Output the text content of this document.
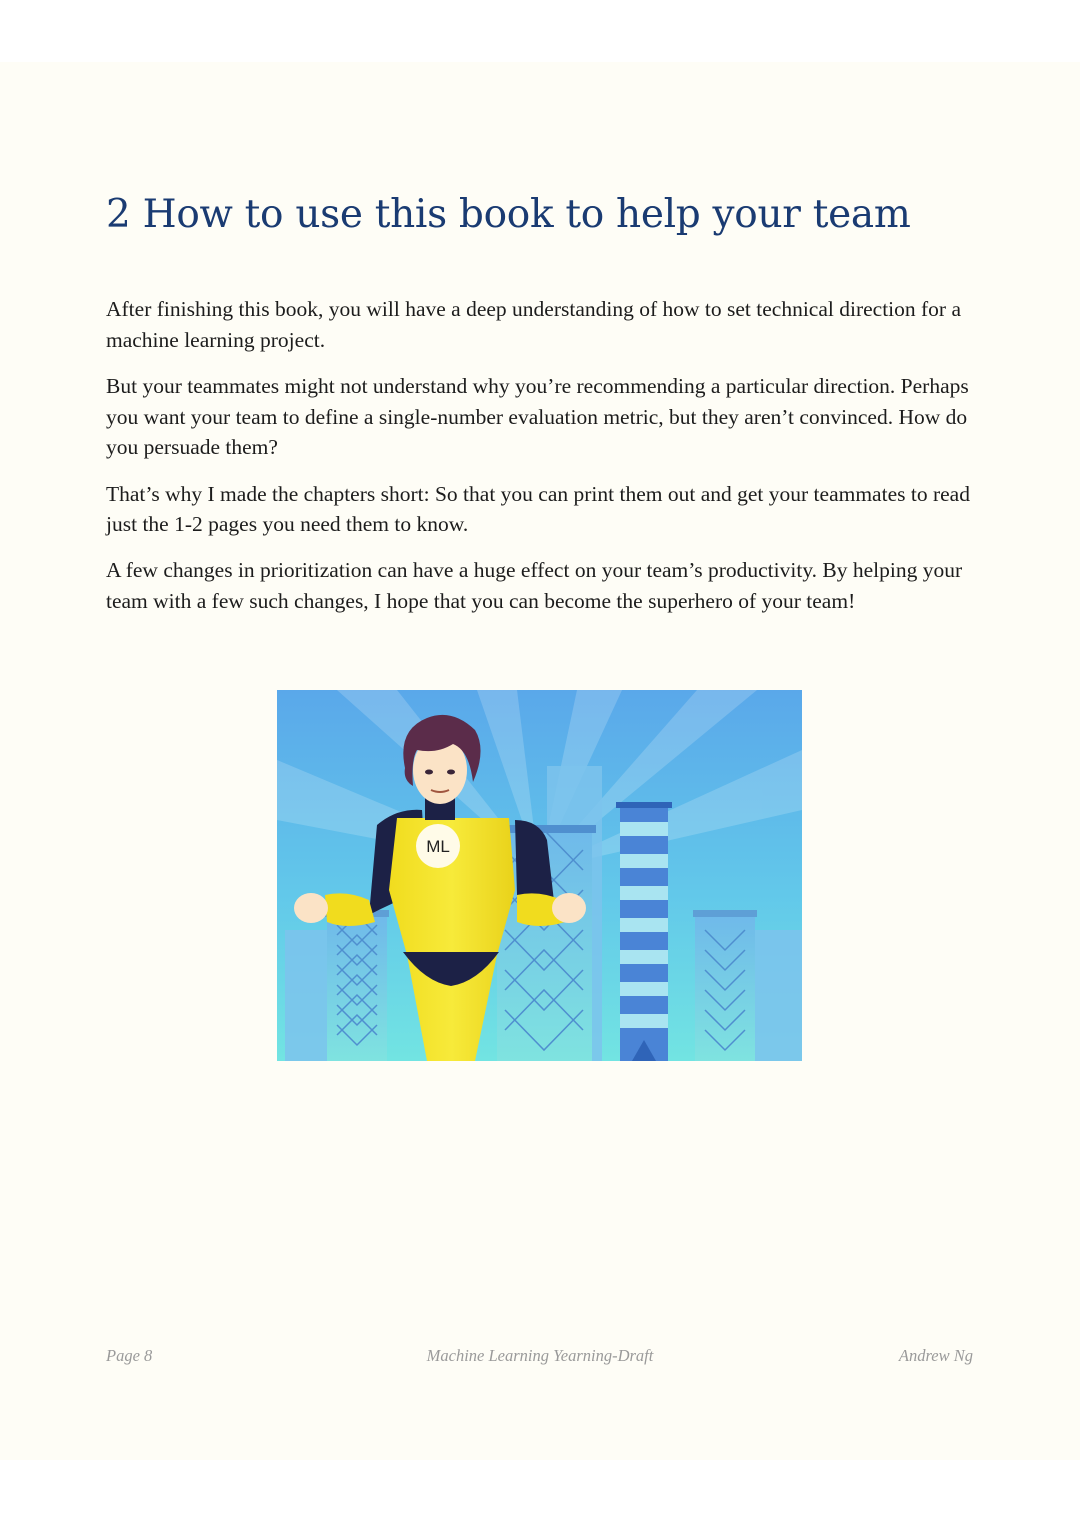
2 How to use this book to help your team

After finishing this book, you will have a deep understanding of how to set technical direction for a machine learning project.

But your teammates might not understand why you’re recommending a particular direction. Perhaps you want your team to define a single-number evaluation metric, but they aren’t convinced. How do you persuade them?

That’s why I made the chapters short: So that you can print them out and get your teammates to read just the 1-2 pages you need them to know.

A few changes in prioritization can have a huge effect on your team’s productivity. By helping your team with a few such changes, I hope that you can become the superhero of your team!

ML
Page 8	Machine Learning Yearning-Draft	Andrew Ng
